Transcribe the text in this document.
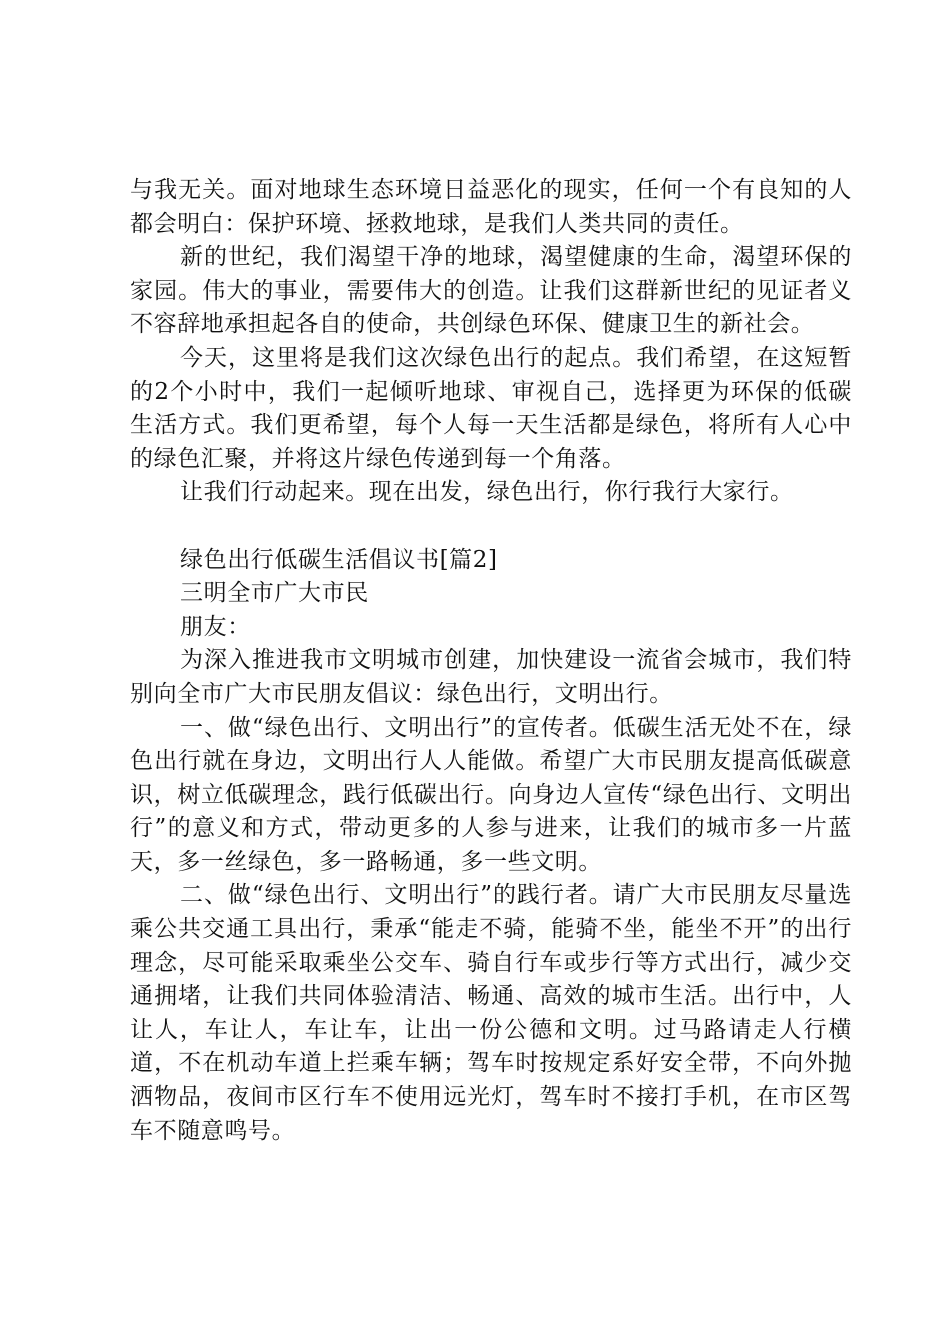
与我无关。面对地球生态环境日益恶化的现实，任何一个有良知的人都会明白：保护环境、拯救地球，是我们人类共同的责任。

新的世纪，我们渴望干净的地球，渴望健康的生命，渴望环保的家园。伟大的事业，需要伟大的创造。让我们这群新世纪的见证者义不容辞地承担起各自的使命，共创绿色环保、健康卫生的新社会。

今天，这里将是我们这次绿色出行的起点。我们希望，在这短暂的2个小时中，我们一起倾听地球、审视自己，选择更为环保的低碳生活方式。我们更希望，每个人每一天生活都是绿色，将所有人心中的绿色汇聚，并将这片绿色传递到每一个角落。

让我们行动起来。现在出发，绿色出行，你行我行大家行。

绿色出行低碳生活倡议书[篇2]

三明全市广大市民

朋友：

为深入推进我市文明城市创建，加快建设一流省会城市，我们特别向全市广大市民朋友倡议：绿色出行，文明出行。

一、做“绿色出行、文明出行”的宣传者。低碳生活无处不在，绿色出行就在身边，文明出行人人能做。希望广大市民朋友提高低碳意识，树立低碳理念，践行低碳出行。向身边人宣传“绿色出行、文明出行”的意义和方式，带动更多的人参与进来，让我们的城市多一片蓝天，多一丝绿色，多一路畅通，多一些文明。

二、做“绿色出行、文明出行”的践行者。请广大市民朋友尽量选乘公共交通工具出行，秉承“能走不骑，能骑不坐，能坐不开”的出行理念，尽可能采取乘坐公交车、骑自行车或步行等方式出行，减少交通拥堵，让我们共同体验清洁、畅通、高效的城市生活。出行中，人让人，车让人，车让车，让出一份公德和文明。过马路请走人行横道，不在机动车道上拦乘车辆；驾车时按规定系好安全带，不向外抛洒物品，夜间市区行车不使用远光灯，驾车时不接打手机，在市区驾车不随意鸣号。
